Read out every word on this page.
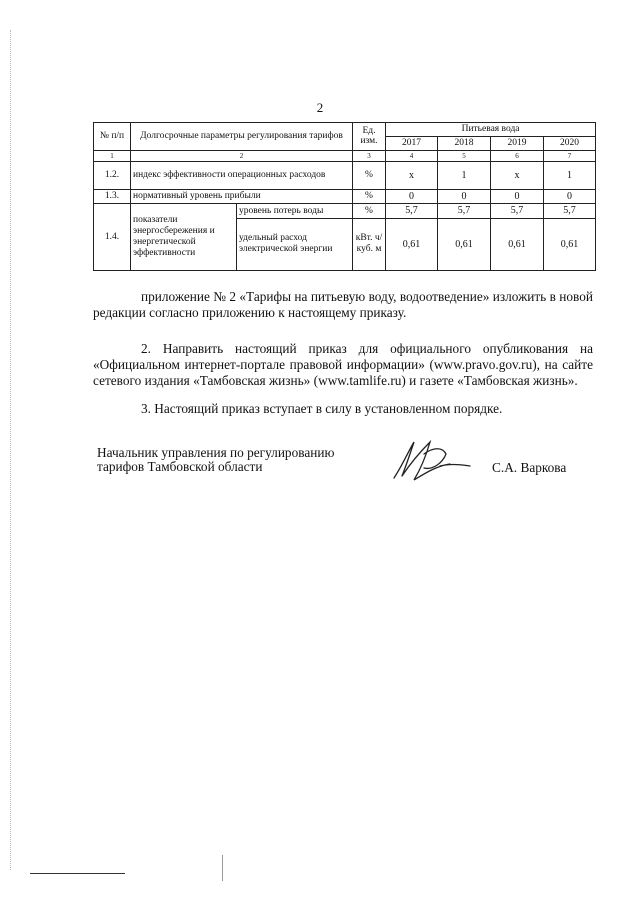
2
№ п/п	Долгосрочные параметры регулирования тарифов		Ед. изм.	Питьевая вода			
				2017	2018	2019	2020
1	2		3	4	5	6	7
1.2.	индекс эффективности операционных расходов		%	х	1	х	1
1.3.	нормативный уровень прибыли		%	0	0	0	0
1.4.	показатели энергосбережения и энергетической эффективности	уровень потерь воды	%	5,7	5,7	5,7	5,7
		удельный расход электрической энергии	кВт. ч/ куб. м	0,61	0,61	0,61	0,61

приложение № 2 «Тарифы на питьевую воду, водоотведение» изложить в новой редакции согласно приложению к настоящему приказу.

2. Направить настоящий приказ для официального опубликования на «Официальном интернет-портале правовой информации» (www.pravo.gov.ru), на сайте сетевого издания «Тамбовская жизнь» (www.tamlife.ru) и газете «Тамбовская жизнь».

3. Настоящий приказ вступает в силу в установленном порядке.

Начальник управления по регулированию
тарифов Тамбовской области	С.А. Варкова
